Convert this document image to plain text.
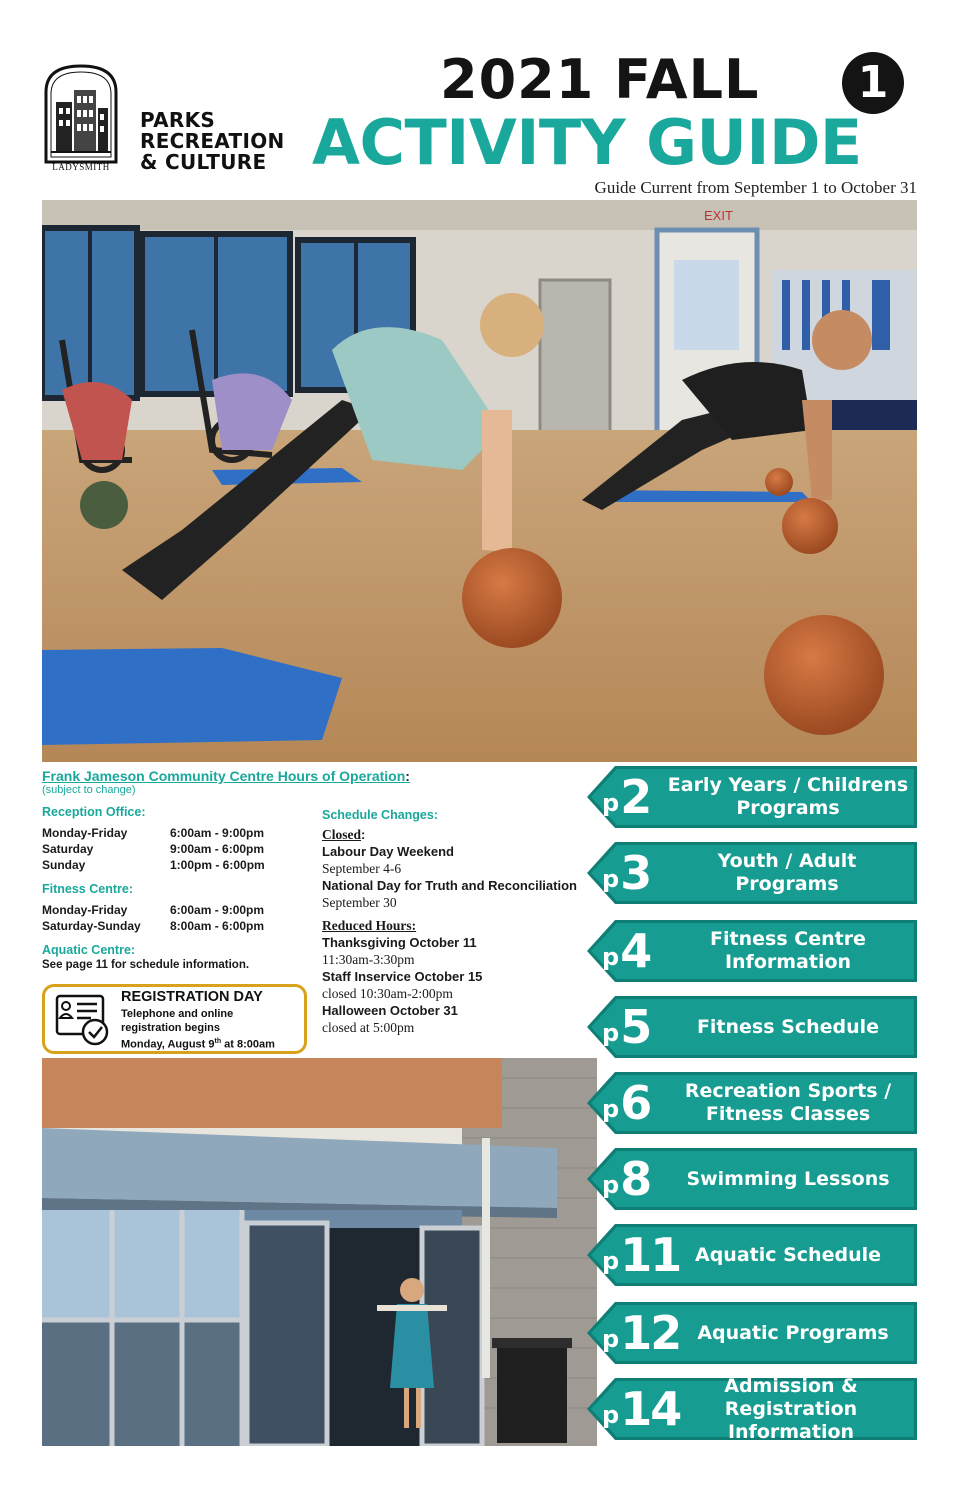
LADYSMITH
PARKS
RECREATION
& CULTURE
2021 FALL	1
ACTIVITY GUIDE
Guide Current from September 1 to October 31
EXIT
Frank Jameson Community Centre Hours of Operation:
(subject to change)
Reception Office:
Monday-Friday	6:00am - 9:00pm
Saturday	9:00am - 6:00pm
Sunday	1:00pm - 6:00pm
Fitness Centre:
Monday-Friday	6:00am - 9:00pm
Saturday-Sunday	8:00am - 6:00pm
Aquatic Centre:
See page 11 for schedule information.
Schedule Changes:
Closed:
Labour Day Weekend
September 4-6
National Day for Truth and Reconciliation
September 30
Reduced Hours:
Thanksgiving October 11
11:30am-3:30pm
Staff Inservice October 15
closed 10:30am-2:00pm
Halloween October 31
closed at 5:00pm
REGISTRATION DAY
Telephone and online
registration begins
Monday, August 9th at 8:00am
p 2 Early Years / Childrens Programs
p 3	Youth / Adult Programs
p 4	Fitness Centre Information
p 5	Fitness Schedule
p 6	Recreation Sports / Fitness Classes
p 8	Swimming Lessons
p 11 Aquatic Schedule
p 12 Aquatic Programs
p 14	Admission & Registration Information
